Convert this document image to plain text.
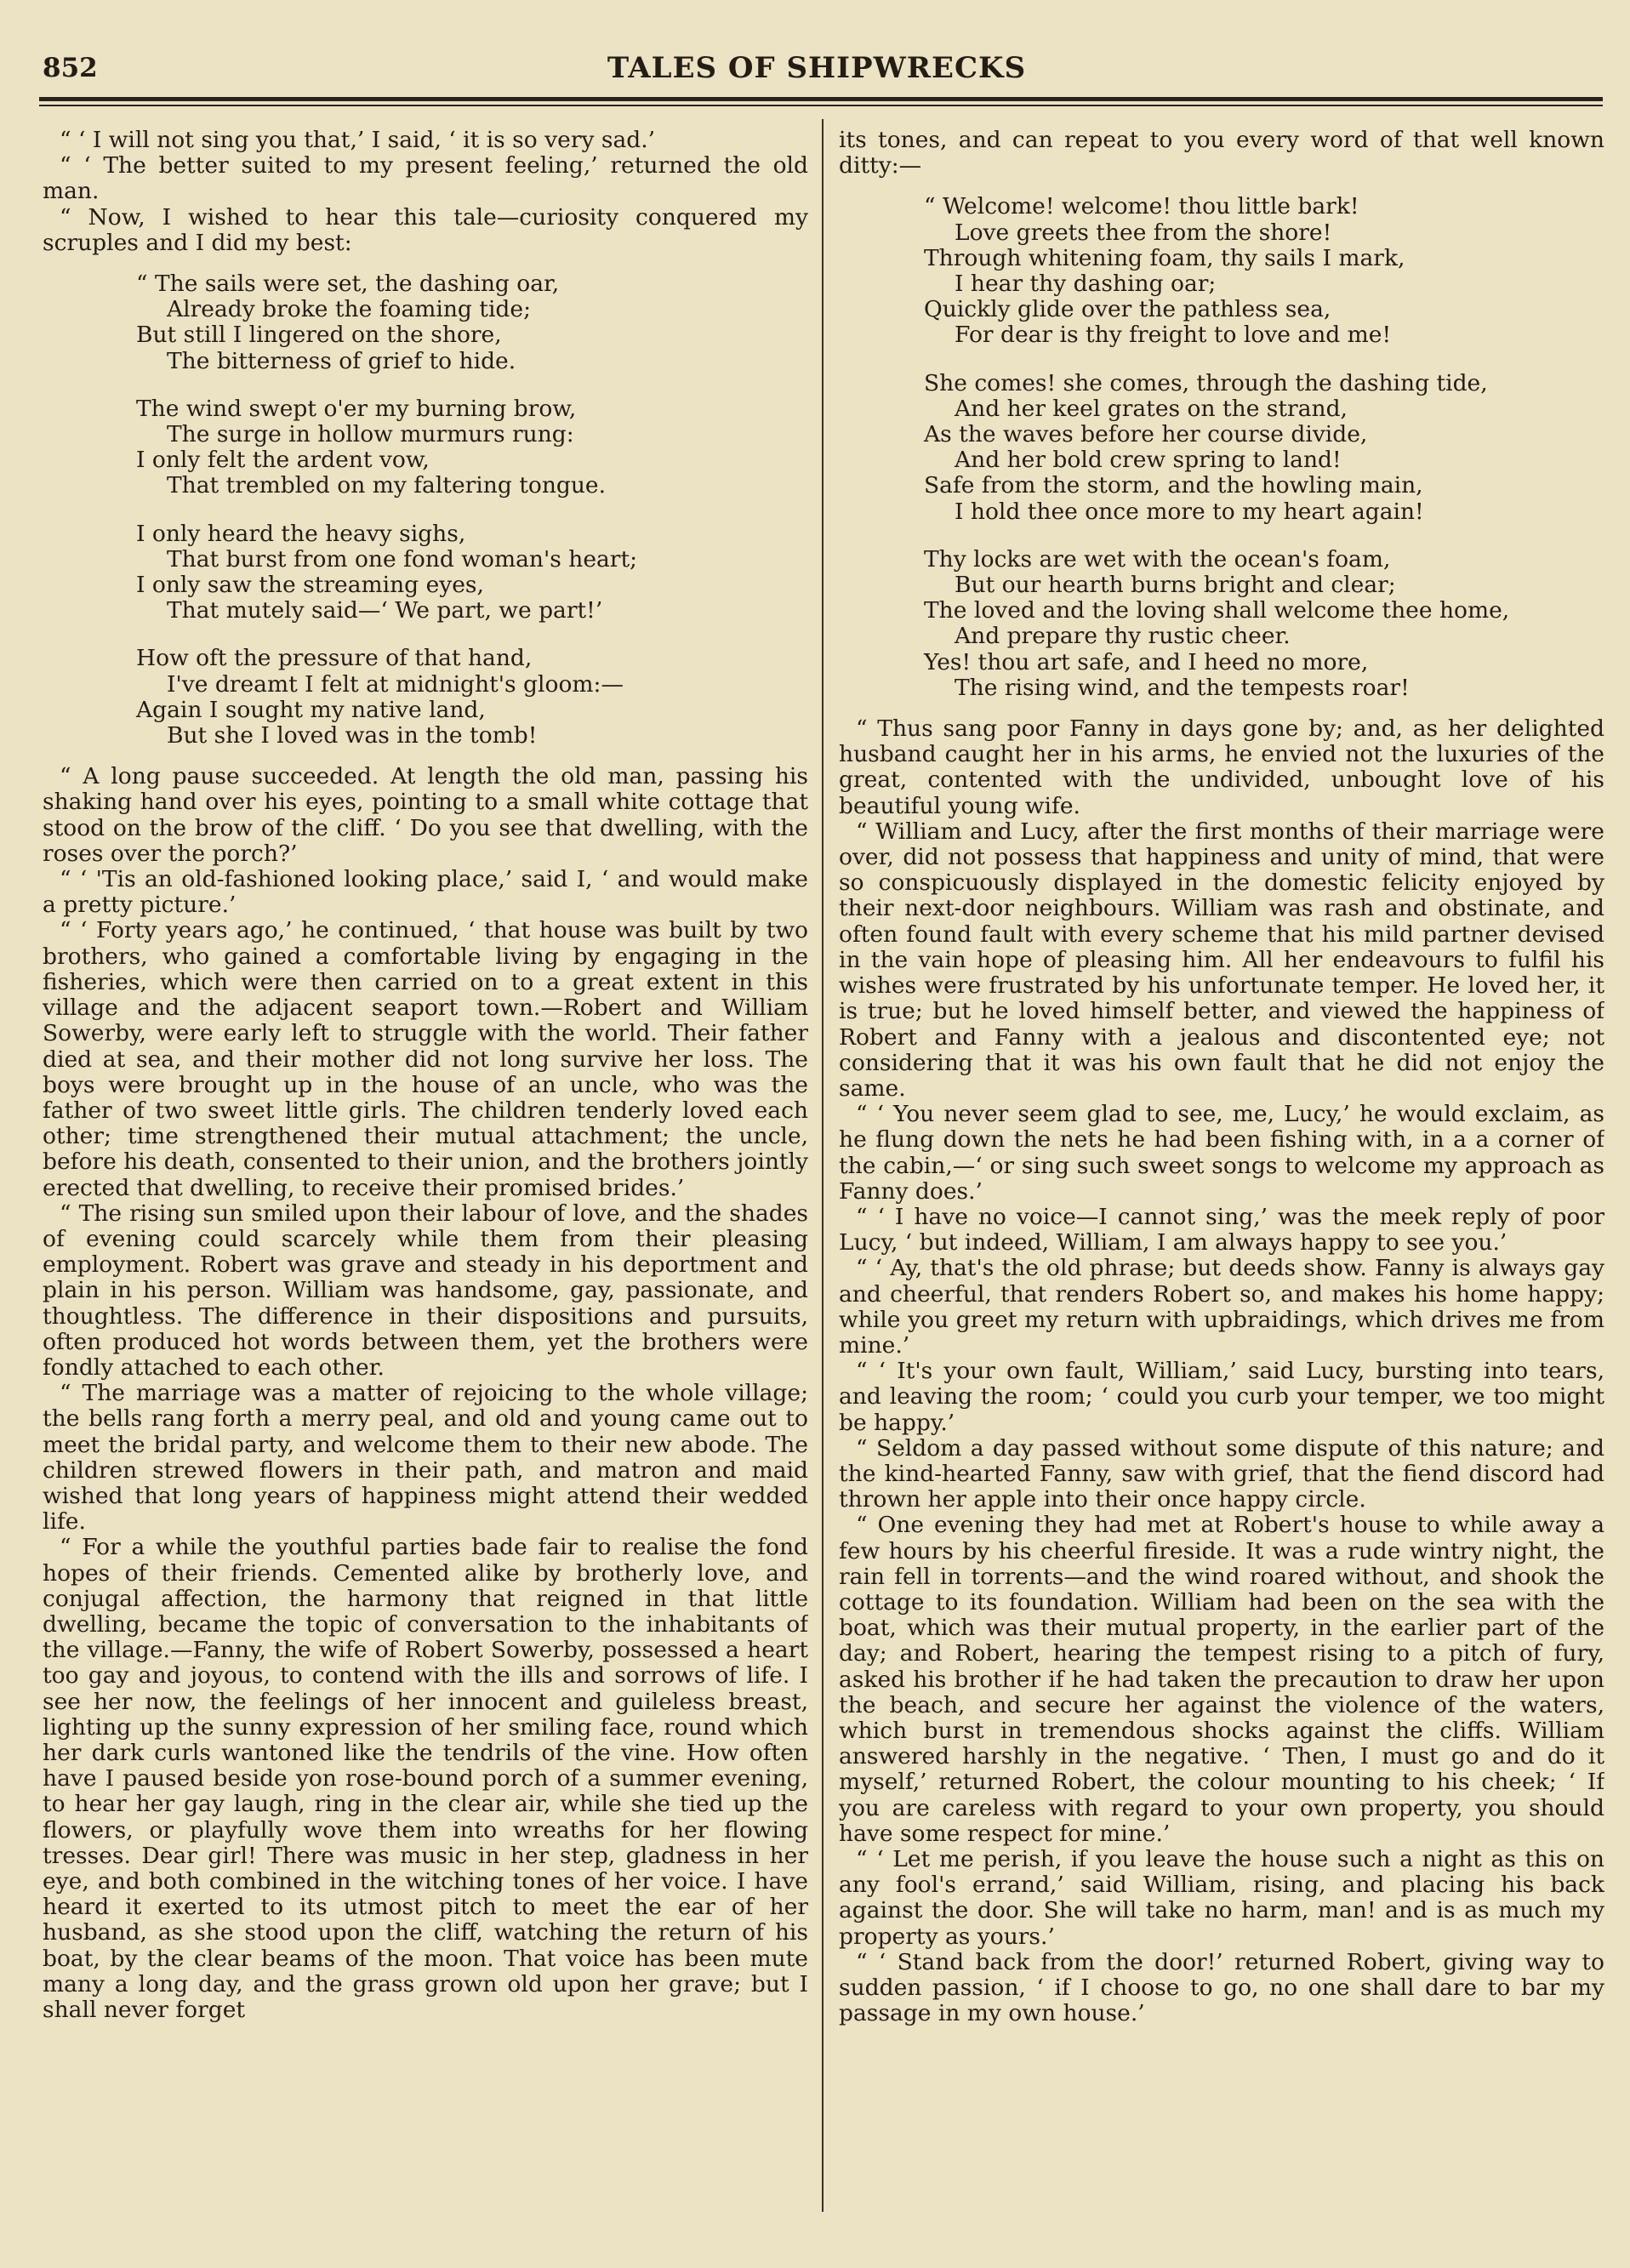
852	TALES OF SHIPWRECKS

“ ‘ I will not sing you that,’ I said, ‘ it is so very sad.’

“ ‘ The better suited to my present feeling,’ returned the old man.

“ Now, I wished to hear this tale—curiosity conquered my scruples and I did my best:

“ The sails were set, the dashing oar,
Already broke the foaming tide;
But still I lingered on the shore,
The bitterness of grief to hide.
The wind swept o'er my burning brow,
The surge in hollow murmurs rung:
I only felt the ardent vow,
That trembled on my faltering tongue.
I only heard the heavy sighs,
That burst from one fond woman's heart;
I only saw the streaming eyes,
That mutely said—‘ We part, we part!’
How oft the pressure of that hand,
I've dreamt I felt at midnight's gloom:—
Again I sought my native land,
But she I loved was in the tomb!

“ A long pause succeeded. At length the old man, passing his shaking hand over his eyes, pointing to a small white cottage that stood on the brow of the cliff. ‘ Do you see that dwelling, with the roses over the porch?’

“ ‘ 'Tis an old-fashioned looking place,’ said I, ‘ and would make a pretty picture.’

“ ‘ Forty years ago,’ he continued, ‘ that house was built by two brothers, who gained a comfortable living by engaging in the fisheries, which were then carried on to a great extent in this village and the adjacent seaport town.—Robert and William Sowerby, were early left to struggle with the world. Their father died at sea, and their mother did not long survive her loss. The boys were brought up in the house of an uncle, who was the father of two sweet little girls. The children tenderly loved each other; time strengthened their mutual attachment; the uncle, before his death, consented to their union, and the brothers jointly erected that dwelling, to receive their promised brides.’

“ The rising sun smiled upon their labour of love, and the shades of evening could scarcely while them from their pleasing employment. Robert was grave and steady in his deportment and plain in his person. William was handsome, gay, passionate, and thoughtless. The difference in their dispositions and pursuits, often produced hot words between them, yet the brothers were fondly attached to each other.

“ The marriage was a matter of rejoicing to the whole village; the bells rang forth a merry peal, and old and young came out to meet the bridal party, and welcome them to their new abode. The children strewed flowers in their path, and matron and maid wished that long years of happiness might attend their wedded life.

“ For a while the youthful parties bade fair to realise the fond hopes of their friends. Cemented alike by brotherly love, and conjugal affection, the harmony that reigned in that little dwelling, became the topic of conversation to the inhabitants of the village.—Fanny, the wife of Robert Sowerby, possessed a heart too gay and joyous, to contend with the ills and sorrows of life. I see her now, the feelings of her innocent and guileless breast, lighting up the sunny expression of her smiling face, round which her dark curls wantoned like the tendrils of the vine. How often have I paused beside yon rose-bound porch of a summer evening, to hear her gay laugh, ring in the clear air, while she tied up the flowers, or playfully wove them into wreaths for her flowing tresses. Dear girl! There was music in her step, gladness in her eye, and both combined in the witching tones of her voice. I have heard it exerted to its utmost pitch to meet the ear of her husband, as she stood upon the cliff, watching the return of his boat, by the clear beams of the moon. That voice has been mute many a long day, and the grass grown old upon her grave; but I shall never forget

its tones, and can repeat to you every word of that well known ditty:—

“ Welcome! welcome! thou little bark!
Love greets thee from the shore!
Through whitening foam, thy sails I mark,
I hear thy dashing oar;
Quickly glide over the pathless sea,
For dear is thy freight to love and me!
She comes! she comes, through the dashing tide,
And her keel grates on the strand,
As the waves before her course divide,
And her bold crew spring to land!
Safe from the storm, and the howling main,
I hold thee once more to my heart again!
Thy locks are wet with the ocean's foam,
But our hearth burns bright and clear;
The loved and the loving shall welcome thee home,
And prepare thy rustic cheer.
Yes! thou art safe, and I heed no more,
The rising wind, and the tempests roar!

“ Thus sang poor Fanny in days gone by; and, as her delighted husband caught her in his arms, he envied not the luxuries of the great, contented with the undivided, unbought love of his beautiful young wife.

“ William and Lucy, after the first months of their marriage were over, did not possess that happiness and unity of mind, that were so conspicuously displayed in the domestic felicity enjoyed by their next-door neighbours. William was rash and obstinate, and often found fault with every scheme that his mild partner devised in the vain hope of pleasing him. All her endeavours to fulfil his wishes were frustrated by his unfortunate temper. He loved her, it is true; but he loved himself better, and viewed the happiness of Robert and Fanny with a jealous and discontented eye; not considering that it was his own fault that he did not enjoy the same.

“ ‘ You never seem glad to see, me, Lucy,’ he would exclaim, as he flung down the nets he had been fishing with, in a a corner of the cabin,—‘ or sing such sweet songs to welcome my approach as Fanny does.’

“ ‘ I have no voice—I cannot sing,’ was the meek reply of poor Lucy, ‘ but indeed, William, I am always happy to see you.’

“ ‘ Ay, that's the old phrase; but deeds show. Fanny is always gay and cheerful, that renders Robert so, and makes his home happy; while you greet my return with upbraidings, which drives me from mine.’

“ ‘ It's your own fault, William,’ said Lucy, bursting into tears, and leaving the room; ‘ could you curb your temper, we too might be happy.’

“ Seldom a day passed without some dispute of this nature; and the kind-hearted Fanny, saw with grief, that the fiend discord had thrown her apple into their once happy circle.

“ One evening they had met at Robert's house to while away a few hours by his cheerful fireside. It was a rude wintry night, the rain fell in torrents—and the wind roared without, and shook the cottage to its foundation. William had been on the sea with the boat, which was their mutual property, in the earlier part of the day; and Robert, hearing the tempest rising to a pitch of fury, asked his brother if he had taken the precaution to draw her upon the beach, and secure her against the violence of the waters, which burst in tremendous shocks against the cliffs. William answered harshly in the negative. ‘ Then, I must go and do it myself,’ returned Robert, the colour mounting to his cheek; ‘ If you are careless with regard to your own property, you should have some respect for mine.’

“ ‘ Let me perish, if you leave the house such a night as this on any fool's errand,’ said William, rising, and placing his back against the door. She will take no harm, man! and is as much my property as yours.’

“ ‘ Stand back from the door!’ returned Robert, giving way to sudden passion, ‘ if I choose to go, no one shall dare to bar my passage in my own house.’
